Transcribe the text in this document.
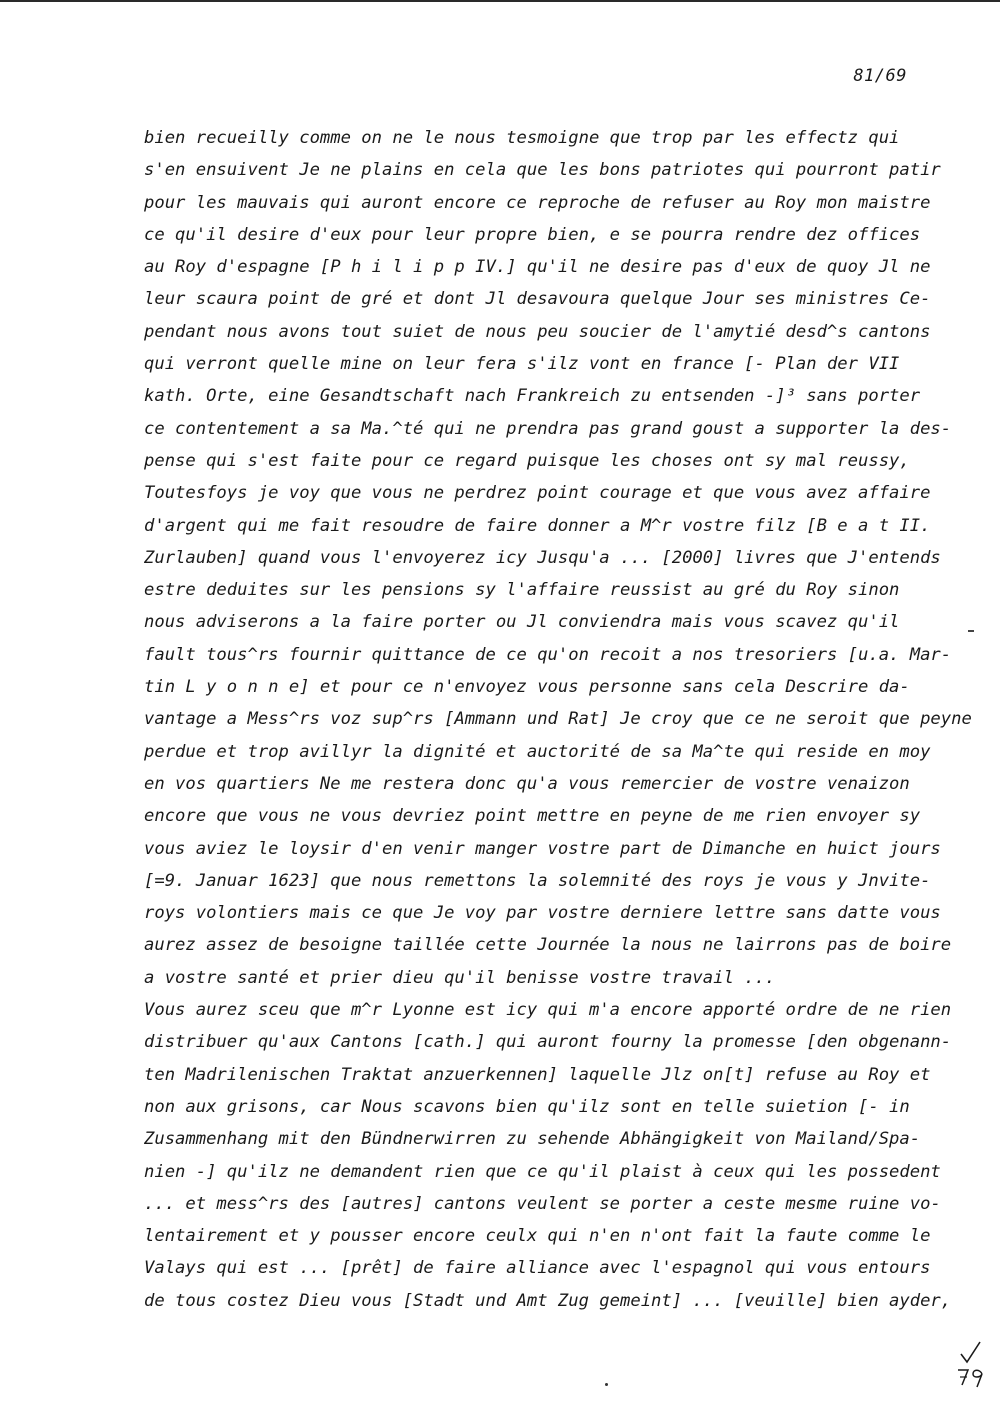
81/69
bien recueilly comme on ne le nous tesmoigne que trop par les effectz qui
s'en ensuivent Je ne plains en cela que les bons patriotes qui pourront patir
pour les mauvais qui auront encore ce reproche de refuser au Roy mon maistre
ce qu'il desire d'eux pour leur propre bien, e se pourra rendre dez offices
au Roy d'espagne [P h i l i p p IV.] qu'il ne desire pas d'eux de quoy Jl ne
leur scaura point de gré et dont Jl desavoura quelque Jour ses ministres Ce-
pendant nous avons tout suiet de nous peu soucier de l'amytié desd^s cantons
qui verront quelle mine on leur fera s'ilz vont en france [- Plan der VII
kath. Orte, eine Gesandtschaft nach Frankreich zu entsenden -]³ sans porter
ce contentement a sa Ma.^té qui ne prendra pas grand goust a supporter la des-
pense qui s'est faite pour ce regard puisque les choses ont sy mal reussy,
Toutesfoys je voy que vous ne perdrez point courage et que vous avez affaire
d'argent qui me fait resoudre de faire donner a M^r vostre filz [B e a t II.
Zurlauben] quand vous l'envoyerez icy Jusqu'a ... [2000] livres que J'entends
estre deduites sur les pensions sy l'affaire reussist au gré du Roy sinon
nous adviserons a la faire porter ou Jl conviendra mais vous scavez qu'il
fault tous^rs fournir quittance de ce qu'on recoit a nos tresoriers [u.a. Mar-
tin L y o n n e] et pour ce n'envoyez vous personne sans cela Descrire da-
vantage a Mess^rs voz sup^rs [Ammann und Rat] Je croy que ce ne seroit que peyne
perdue et trop avillyr la dignité et auctorité de sa Ma^te qui reside en moy
en vos quartiers Ne me restera donc qu'a vous remercier de vostre venaizon
encore que vous ne vous devriez point mettre en peyne de me rien envoyer sy
vous aviez le loysir d'en venir manger vostre part de Dimanche en huict jours
[=9. Januar 1623] que nous remettons la solemnité des roys je vous y Jnvite-
roys volontiers mais ce que Je voy par vostre derniere lettre sans datte vous
aurez assez de besoigne taillée cette Journée la nous ne lairrons pas de boire
a vostre santé et prier dieu qu'il benisse vostre travail ...
Vous aurez sceu que m^r Lyonne est icy qui m'a encore apporté ordre de ne rien
distribuer qu'aux Cantons [cath.] qui auront fourny la promesse [den obgenann-
ten Madrilenischen Traktat anzuerkennen] laquelle Jlz on[t] refuse au Roy et
non aux grisons, car Nous scavons bien qu'ilz sont en telle suietion [- in
Zusammenhang mit den Bündnerwirren zu sehende Abhängigkeit von Mailand/Spa-
nien -] qu'ilz ne demandent rien que ce qu'il plaist à ceux qui les possedent
... et mess^rs des [autres] cantons veulent se porter a ceste mesme ruine vo-
lentairement et y pousser encore ceulx qui n'en n'ont fait la faute comme le
Valays qui est ... [prêt] de faire alliance avec l'espagnol qui vous entours
de tous costez Dieu vous [Stadt und Amt Zug gemeint] ... [veuille] bien ayder,
